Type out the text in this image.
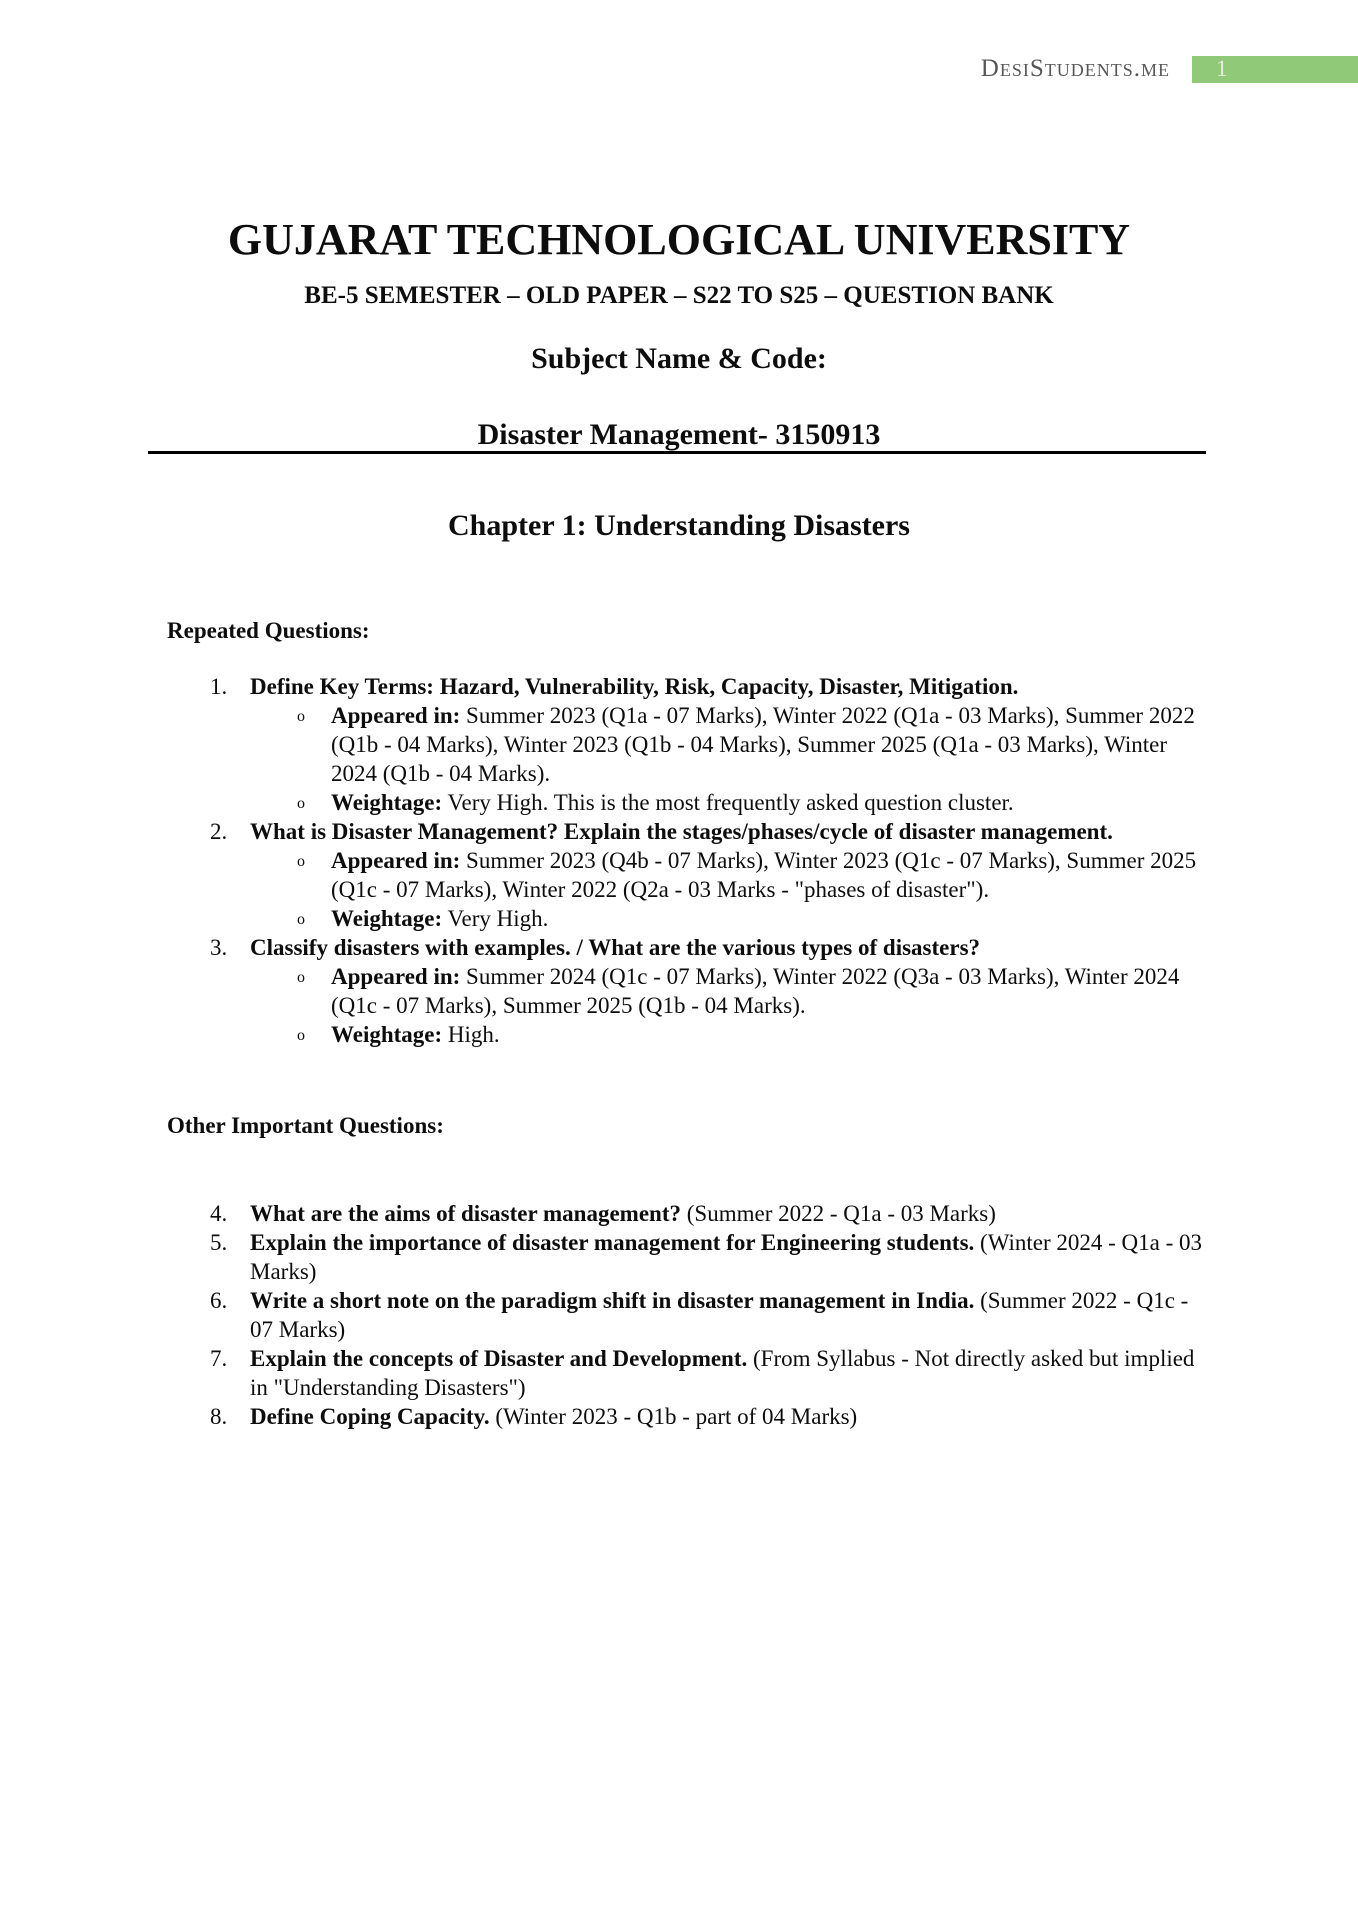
DesiStudents.me 1
GUJARAT TECHNOLOGICAL UNIVERSITY
BE-5 SEMESTER – OLD PAPER – S22 TO S25 – QUESTION BANK
Subject Name & Code:
Disaster Management- 3150913
Chapter 1: Understanding Disasters
Repeated Questions:
1. Define Key Terms: Hazard, Vulnerability, Risk, Capacity, Disaster, Mitigation.
o Appeared in: Summer 2023 (Q1a - 07 Marks), Winter 2022 (Q1a - 03 Marks), Summer 2022 (Q1b - 04 Marks), Winter 2023 (Q1b - 04 Marks), Summer 2025 (Q1a - 03 Marks), Winter 2024 (Q1b - 04 Marks).
o Weightage: Very High. This is the most frequently asked question cluster.
2. What is Disaster Management? Explain the stages/phases/cycle of disaster management.
o Appeared in: Summer 2023 (Q4b - 07 Marks), Winter 2023 (Q1c - 07 Marks), Summer 2025 (Q1c - 07 Marks), Winter 2022 (Q2a - 03 Marks - "phases of disaster").
o Weightage: Very High.
3. Classify disasters with examples. / What are the various types of disasters?
o Appeared in: Summer 2024 (Q1c - 07 Marks), Winter 2022 (Q3a - 03 Marks), Winter 2024 (Q1c - 07 Marks), Summer 2025 (Q1b - 04 Marks).
o Weightage: High.
Other Important Questions:
4. What are the aims of disaster management? (Summer 2022 - Q1a - 03 Marks)
5. Explain the importance of disaster management for Engineering students. (Winter 2024 - Q1a - 03 Marks)
6. Write a short note on the paradigm shift in disaster management in India. (Summer 2022 - Q1c - 07 Marks)
7. Explain the concepts of Disaster and Development. (From Syllabus - Not directly asked but implied in "Understanding Disasters")
8. Define Coping Capacity. (Winter 2023 - Q1b - part of 04 Marks)
